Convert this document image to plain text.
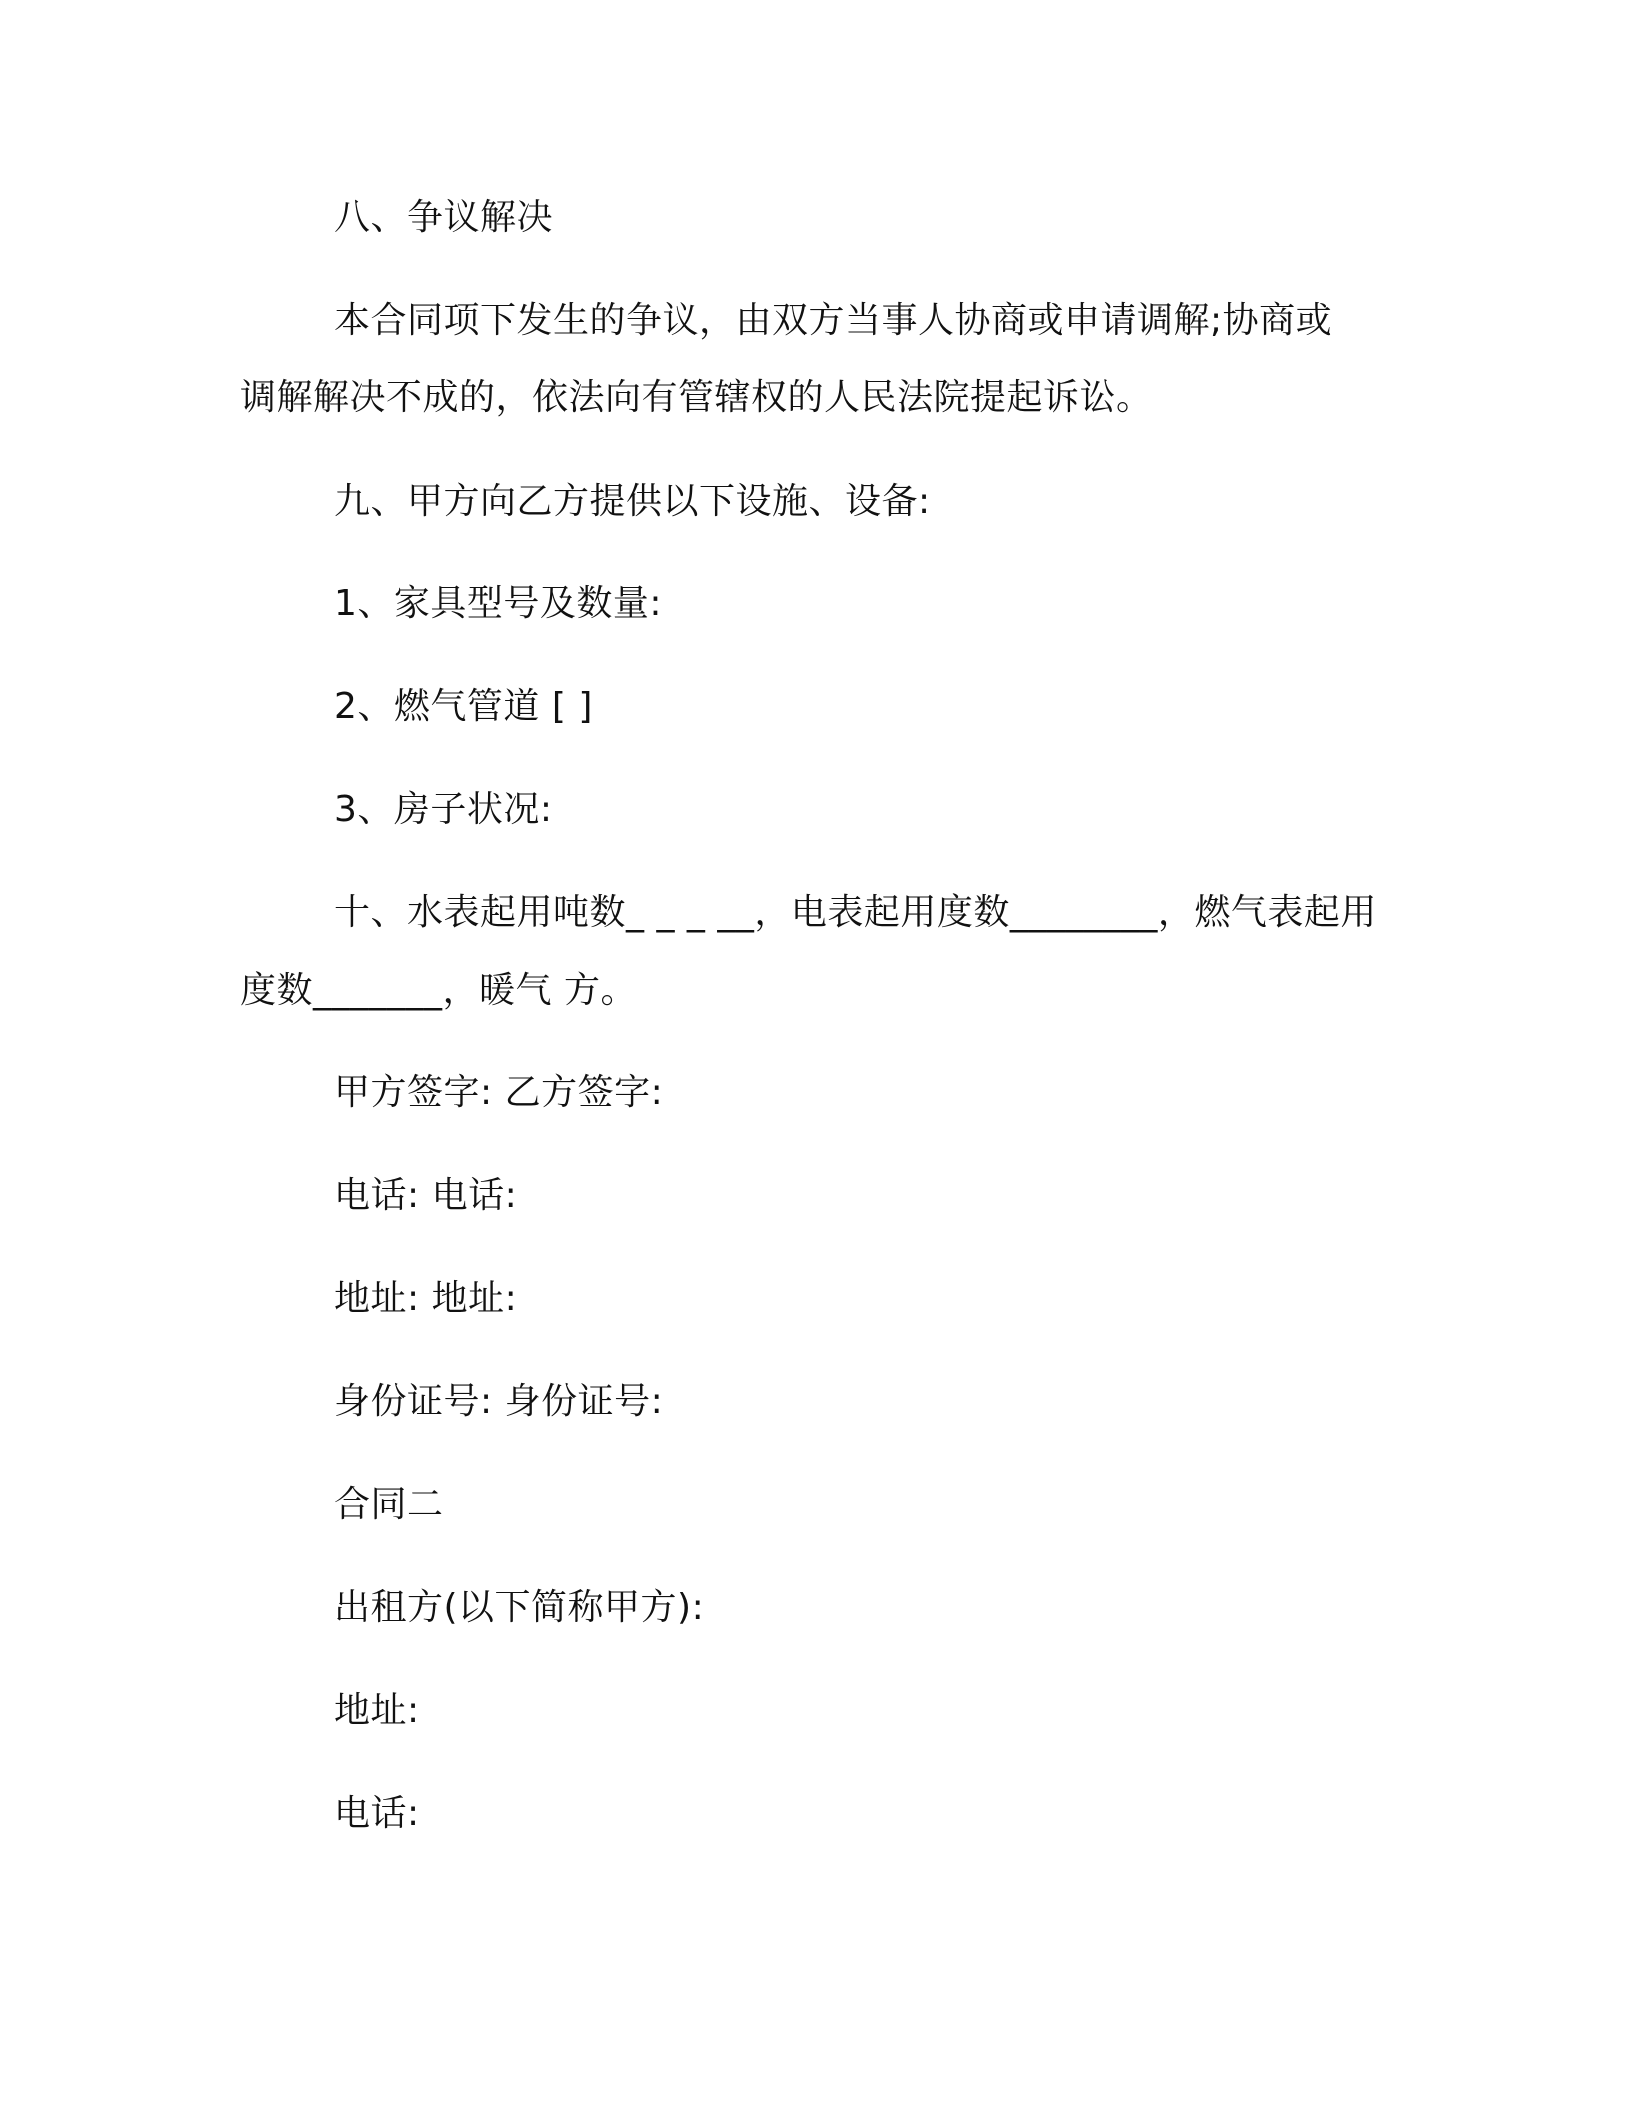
八、争议解决

本合同项下发生的争议，由双方当事人协商或申请调解;协商或

调解解决不成的，依法向有管辖权的人民法院提起诉讼。

九、甲方向乙方提供以下设施、设备:

1、家具型号及数量:

2、燃气管道 [ ]

3、房子状况:

十、水表起用吨数_ _ _ __，电表起用度数________，燃气表起用

度数_______，暖气 方。

甲方签字: 乙方签字:

电话: 电话:

地址: 地址:

身份证号: 身份证号:

合同二

出租方(以下简称甲方):

地址:

电话:
